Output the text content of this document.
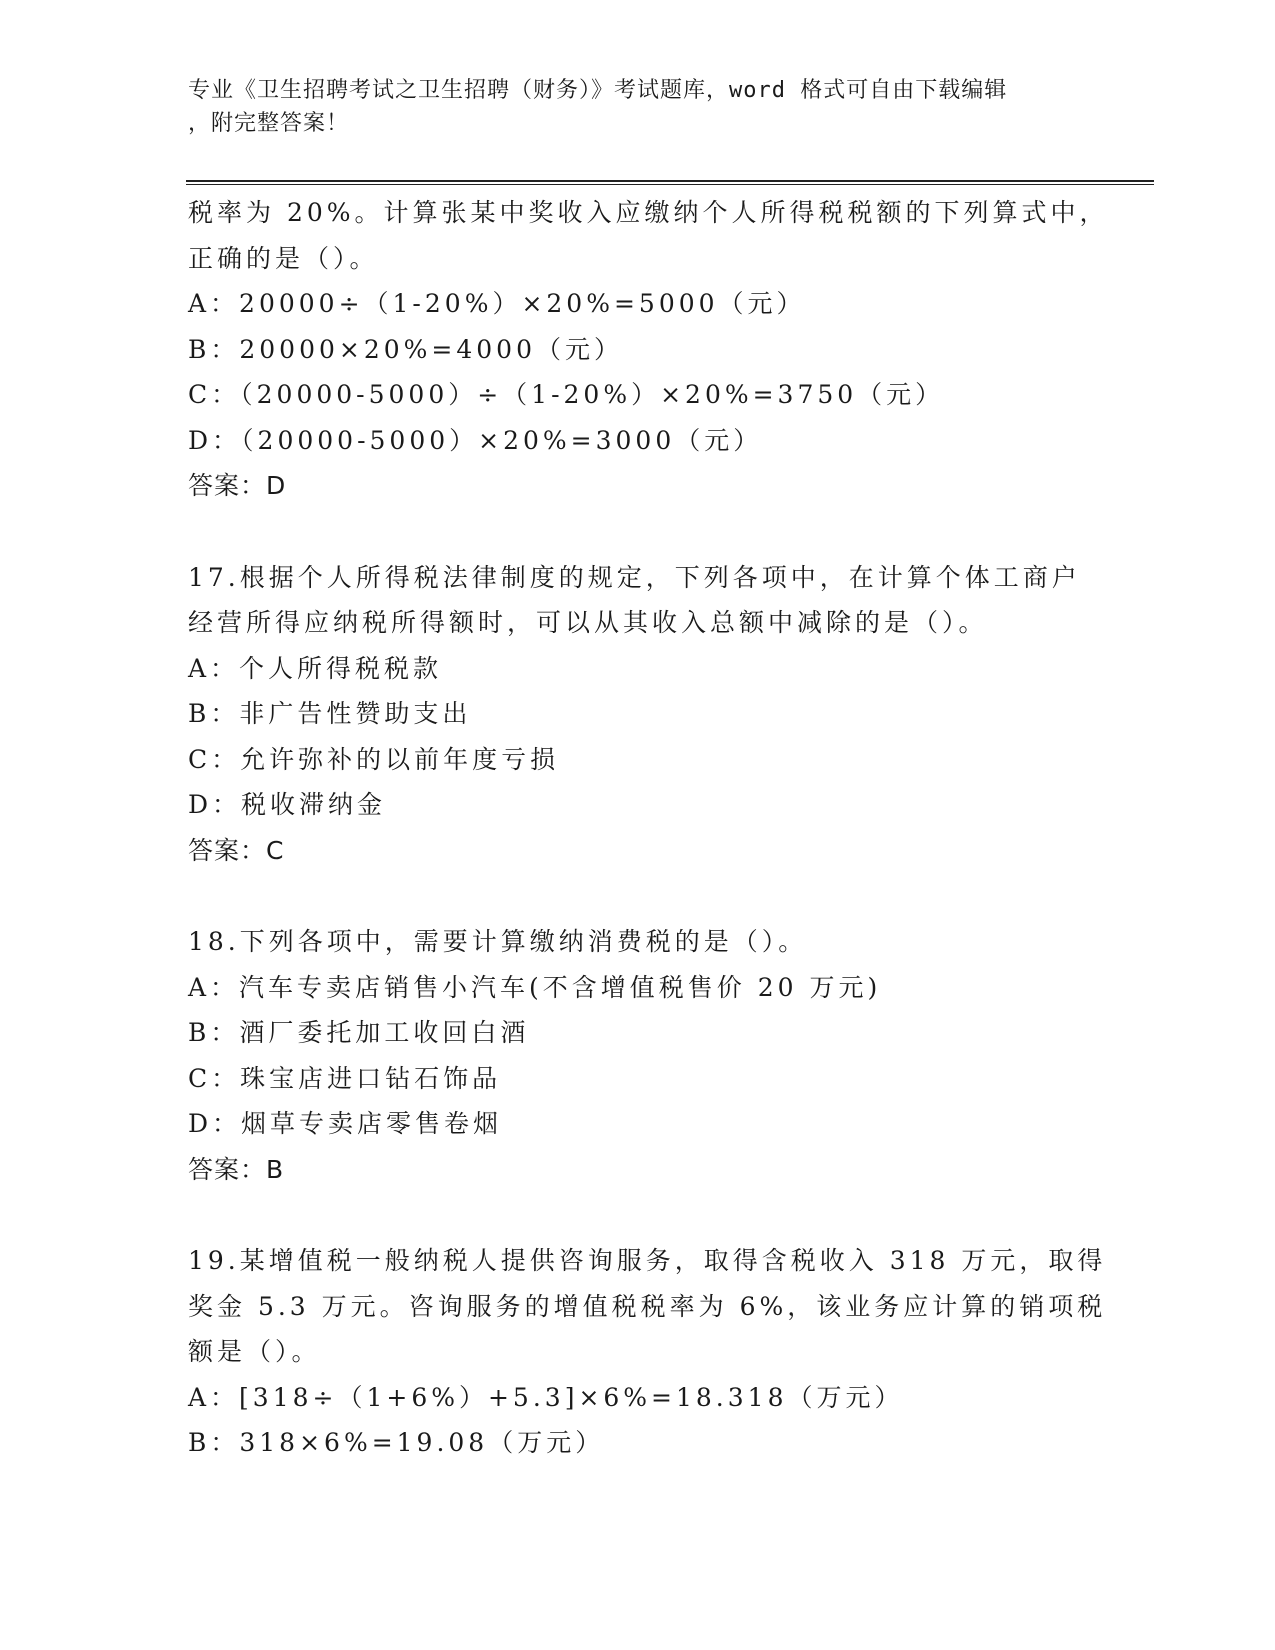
专业《卫生招聘考试之卫生招聘（财务）》考试题库，word 格式可自由下载编辑
，附完整答案！
税率为 20%。计算张某中奖收入应缴纳个人所得税税额的下列算式中，
正确的是（）。
A：20000÷（1-20%）×20%=5000（元）
B：20000×20%=4000（元）
C：（20000-5000）÷（1-20%）×20%=3750（元）
D：（20000-5000）×20%=3000（元）
答案：D
17.根据个人所得税法律制度的规定，下列各项中，在计算个体工商户
经营所得应纳税所得额时，可以从其收入总额中减除的是（）。
A：个人所得税税款
B：非广告性赞助支出
C：允许弥补的以前年度亏损
D：税收滞纳金
答案：C
18.下列各项中，需要计算缴纳消费税的是（）。
A：汽车专卖店销售小汽车(不含增值税售价 20 万元)
B：酒厂委托加工收回白酒
C：珠宝店进口钻石饰品
D：烟草专卖店零售卷烟
答案：B
19.某增值税一般纳税人提供咨询服务，取得含税收入 318 万元，取得
奖金 5.3 万元。咨询服务的增值税税率为 6%，该业务应计算的销项税
额是（）。
A：[318÷（1+6%）+5.3]×6%=18.318（万元）
B：318×6%=19.08（万元）
